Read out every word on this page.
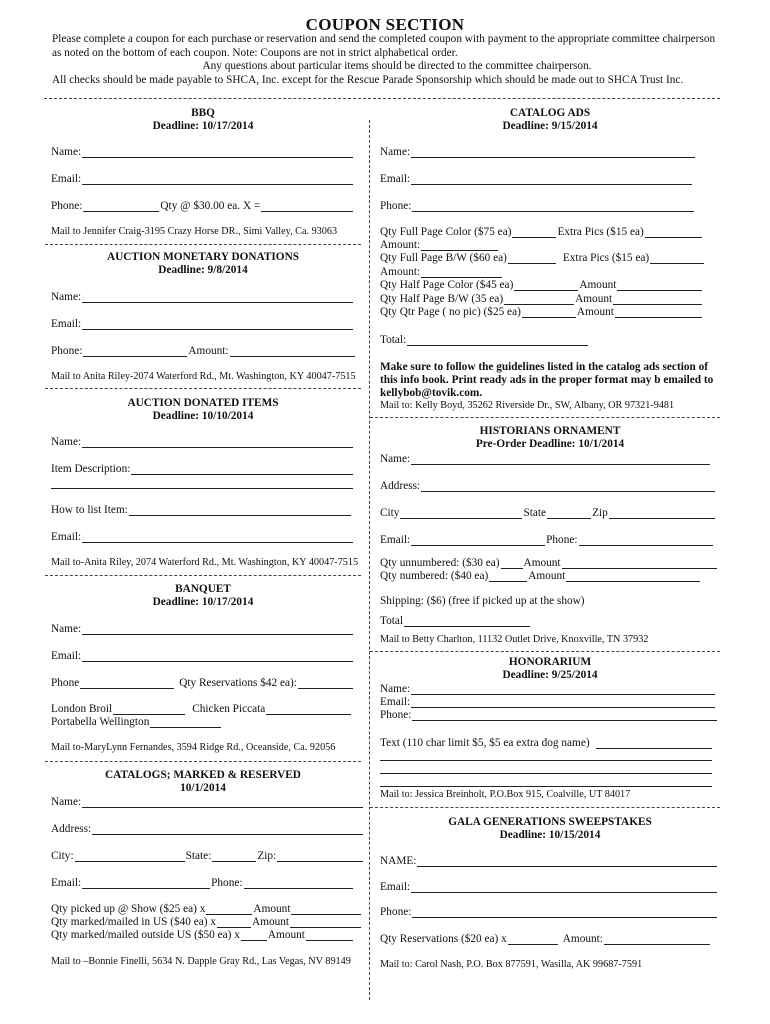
COUPON SECTION
Please complete a coupon for each purchase or reservation and send the completed coupon with payment to the appropriate committee chairperson
as noted on the bottom of each coupon. Note: Coupons are not in strict alphabetical order.
Any questions about particular items should be directed to the committee chairperson.
All checks should be made payable to SHCA, Inc. except for the Rescue Parade Sponsorship which should be made out to SHCA Trust Inc.
BBQ
Deadline: 10/17/2014
Name:
Email:
Phone:	Qty @ $30.00 ea. X =
Mail to Jennifer Craig-3195 Crazy Horse DR., Simi Valley, Ca. 93063
AUCTION MONETARY DONATIONS
Deadline: 9/8/2014
Name:
Email:
Phone:	Amount:
Mail to Anita Riley-2074 Waterford Rd., Mt. Washington, KY 40047-7515
AUCTION DONATED ITEMS
Deadline: 10/10/2014
Name:
Item Description:
How to list Item:
Email:
Mail to-Anita Riley, 2074 Waterford Rd., Mt. Washington, KY 40047-7515
BANQUET
Deadline: 10/17/2014
Name:
Email:
Phone	Qty Reservations $42 ea):
London Broil	Chicken Piccata
Portabella Wellington
Mail to-MaryLynn Fernandes, 3594 Ridge Rd., Oceanside, Ca. 92056
CATALOGS; MARKED & RESERVED
10/1/2014
Name:
Address:
City:	State:	Zip:
Email:	Phone:
Qty picked up @ Show ($25 ea) x	Amount
Qty marked/mailed in US ($40 ea) x	Amount
Qty marked/mailed outside US ($50 ea) x Amount
Mail to –Bonnie Finelli, 5634 N. Dapple Gray Rd., Las Vegas, NV 89149
CATALOG ADS
Deadline: 9/15/2014
Name:
Email:
Phone:
Qty Full Page Color ($75 ea)	Extra Pics ($15 ea)
Amount:
Qty Full Page B/W ($60 ea)	Extra Pics ($15 ea)
Amount:
Qty Half Page Color ($45 ea)	Amount
Qty Half Page B/W (35 ea)	Amount
Qty Qtr Page ( no pic) ($25 ea)	Amount
Total:
Make sure to follow the guidelines listed in the catalog ads section of
this info book. Print ready ads in the proper format may b emailed to
kellybob@tovik.com.
Mail to: Kelly Boyd, 35262 Riverside Dr., SW, Albany, OR 97321-9481
HISTORIANS ORNAMENT
Pre-Order Deadline: 10/1/2014
Name:
Address:
City	State	Zip
Email:	Phone:
Qty unnumbered: ($30 ea) Amount
Qty numbered: ($40 ea)	Amount
Shipping: ($6) (free if picked up at the show)
Total
Mail to Betty Charlton, 11132 Outlet Drive, Knoxville, TN 37932
HONORARIUM
Deadline: 9/25/2014
Name:
Email:
Phone:
Text (110 char limit $5, $5 ea extra dog name)
Mail to: Jessica Breinholt, P.O.Box 915, Coalville, UT 84017
GALA GENERATIONS SWEEPSTAKES
Deadline: 10/15/2014
NAME:
Email:
Phone:
Qty Reservations ($20 ea) x	Amount:
Mail to: Carol Nash, P.O. Box 877591, Wasilla, AK 99687-7591
